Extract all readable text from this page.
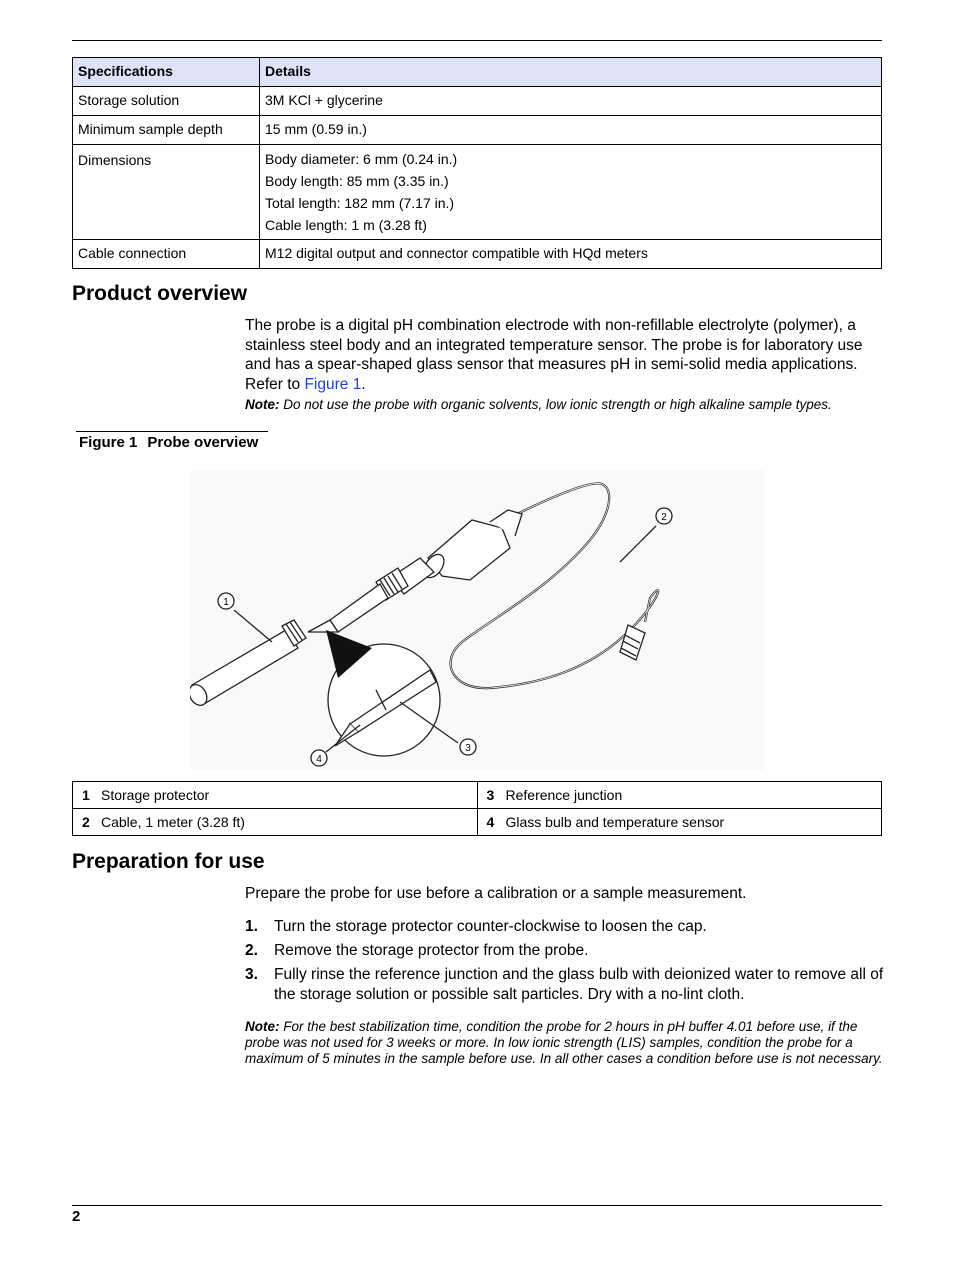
Specifications	Details
Storage solution	3M KCl + glycerine
Minimum sample depth	15 mm (0.59 in.)
Dimensions	Body diameter: 6 mm (0.24 in.)
Body length: 85 mm (3.35 in.)
Total length: 182 mm (7.17 in.)
Cable length: 1 m (3.28 ft)

Cable connection	M12 digital output and connector compatible with HQd meters
Product overview

The probe is a digital pH combination electrode with non-refillable electrolyte (polymer), a stainless steel body and an integrated temperature sensor. The probe is for laboratory use and has a spear-shaped glass sensor that measures pH in semi-solid media applications. Refer to Figure 1.

Note: Do not use the probe with organic solvents, low ionic strength or high alkaline sample types.

Figure 1 Probe overview
1
2
3
4
1 Storage protector	3 Reference junction
2 Cable, 1 meter (3.28 ft)	4 Glass bulb and temperature sensor
Preparation for use

Prepare the probe for use before a calibration or a sample measurement.

1. Turn the storage protector counter-clockwise to loosen the cap.
2. Remove the storage protector from the probe.
3. Fully rinse the reference junction and the glass bulb with deionized water to remove all of the storage solution or possible salt particles. Dry with a no-lint cloth.

Note: For the best stabilization time, condition the probe for 2 hours in pH buffer 4.01 before use, if the probe was not used for 3 weeks or more. In low ionic strength (LIS) samples, condition the probe for a maximum of 5 minutes in the sample before use. In all other cases a condition before use is not necessary.

2
